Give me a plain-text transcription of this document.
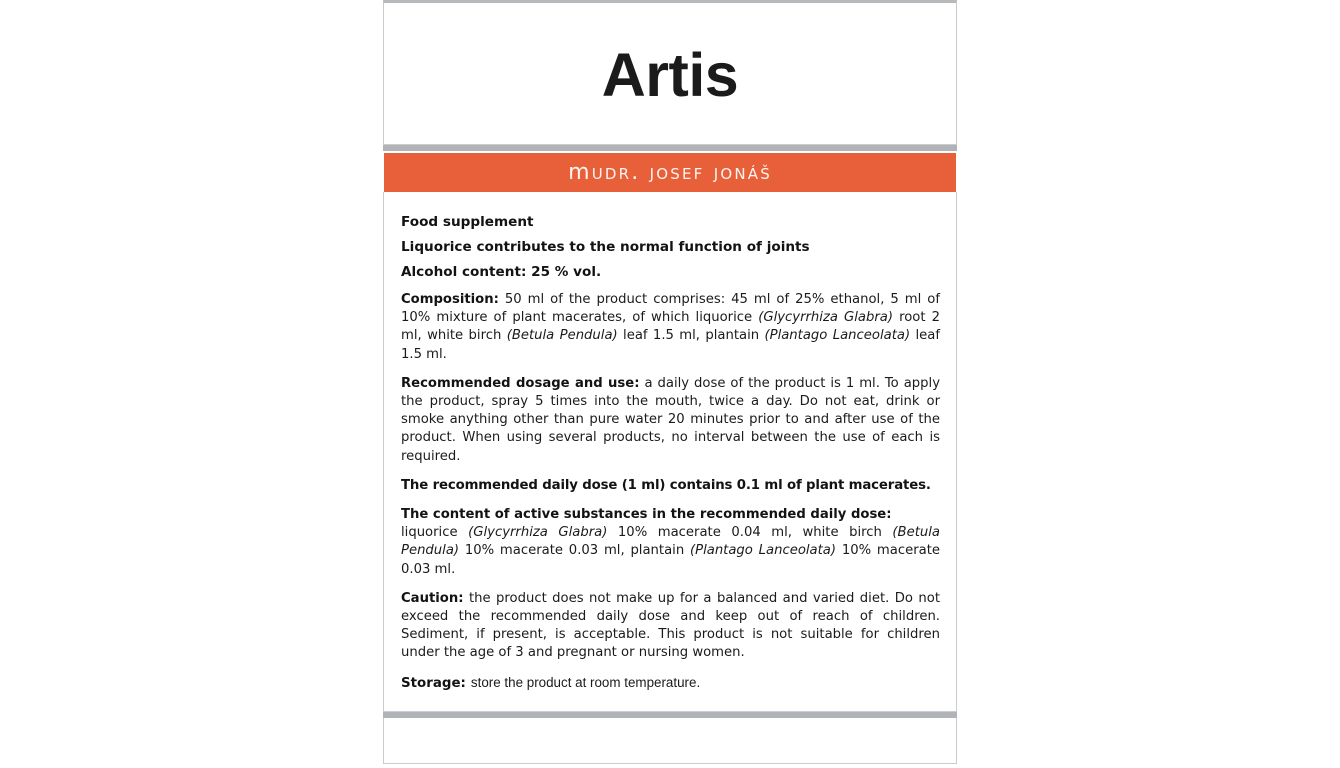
Artis
mudr. josef jonáš
Food supplement
Liquorice contributes to the normal function of joints
Alcohol content: 25 % vol.

Composition: 50 ml of the product comprises: 45 ml of 25% ethanol, 5 ml of 10% mixture of plant macerates, of which liquorice (Glycyrrhiza Glabra) root 2 ml, white birch (Betula Pendula) leaf 1.5 ml, plantain (Plantago Lanceolata) leaf 1.5 ml.

Recommended dosage and use: a daily dose of the product is 1 ml. To apply the product, spray 5 times into the mouth, twice a day. Do not eat, drink or smoke anything other than pure water 20 minutes prior to and after use of the product. When using several products, no interval between the use of each is required.

The recommended daily dose (1 ml) contains 0.1 ml of plant macerates.

The content of active substances in the recommended daily dose:

liquorice (Glycyrrhiza Glabra) 10% macerate 0.04 ml, white birch (Betula Pendula) 10% macerate 0.03 ml, plantain (Plantago Lanceolata) 10% macerate 0.03 ml.

Caution: the product does not make up for a balanced and varied diet. Do not exceed the recommended daily dose and keep out of reach of children. Sediment, if present, is acceptable. This product is not suitable for children under the age of 3 and pregnant or nursing women.

Storage: store the product at room temperature.
